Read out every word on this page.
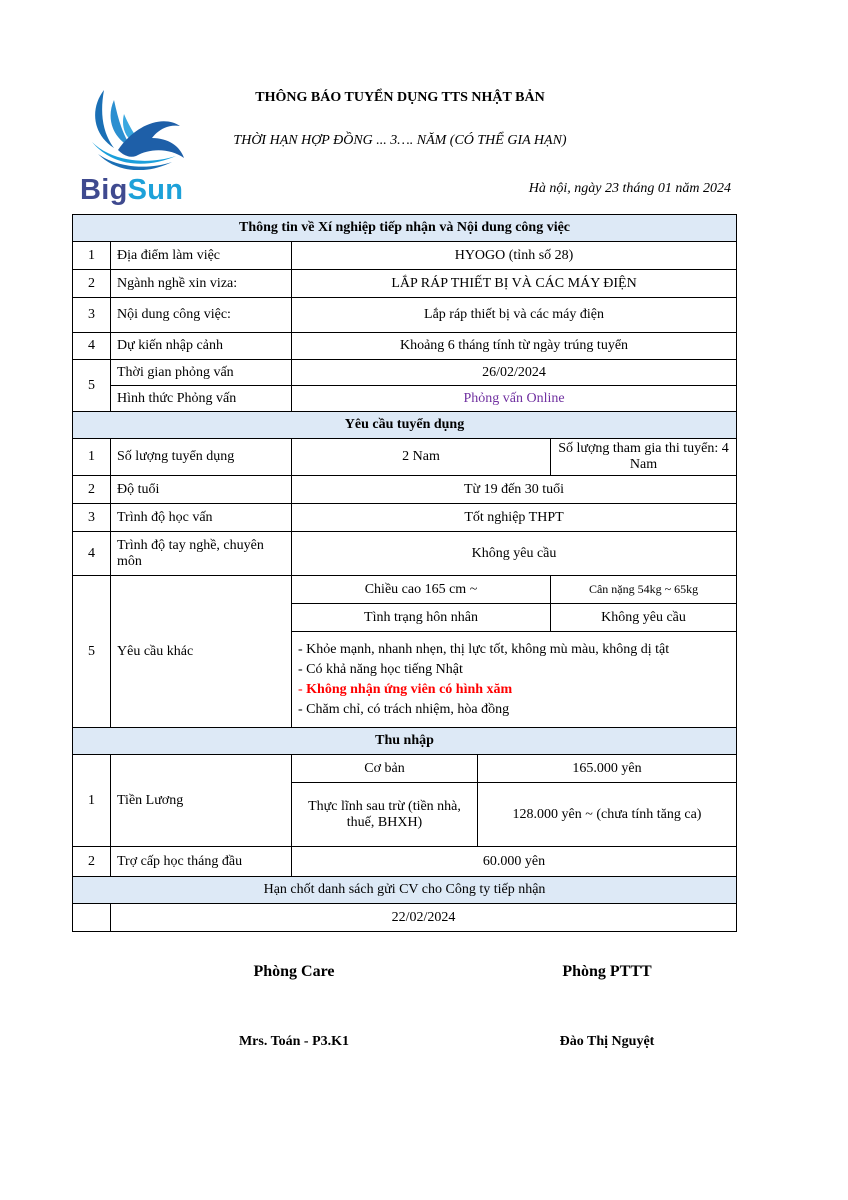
BigSun
THÔNG BÁO TUYỂN DỤNG TTS NHẬT BẢN
THỜI HẠN HỢP ĐỒNG ... 3…. NĂM (CÓ THỂ GIA HẠN)
Hà nội, ngày 23 tháng 01 năm 2024
Thông tin về Xí nghiệp tiếp nhận và Nội dung công việc				
1	Địa điểm làm việc	HYOGO (tỉnh số 28)		
2	Ngành nghề xin viza:	LẮP RÁP THIẾT BỊ VÀ CÁC MÁY ĐIỆN		
3	Nội dung công việc:	Lắp ráp thiết bị và các máy điện		
4	Dự kiến nhập cảnh	Khoảng 6 tháng tính từ ngày trúng tuyển		
5	Thời gian phỏng vấn	26/02/2024		
	Hình thức Phỏng vấn	Phỏng vấn Online		
Yêu cầu tuyển dụng				
1	Số lượng tuyển dụng	2 Nam		Số lượng tham gia thi tuyển: 4 Nam
2	Độ tuổi	Từ 19 đến 30 tuổi		
3	Trình độ học vấn	Tốt nghiệp THPT		
4	Trình độ tay nghề, chuyên môn	Không yêu cầu		
5	Yêu cầu khác	Chiều cao 165 cm ~		Cân nặng 54kg ~ 65kg
		Tình trạng hôn nhân		Không yêu cầu

		- Khỏe mạnh, nhanh nhẹn, thị lực tốt, không mù màu, không dị tật
- Có khả năng học tiếng Nhật
- Không nhận ứng viên có hình xăm
- Chăm chỉ, có trách nhiệm, hòa đồng		

Thu nhập				
1	Tiền Lương	Cơ bản	165.000 yên	
		Thực lĩnh sau trừ (tiền nhà, thuế, BHXH)	128.000 yên ~ (chưa tính tăng ca)	
2	Trợ cấp học tháng đầu	60.000 yên		
Hạn chốt danh sách gửi CV cho Công ty tiếp nhận				
	22/02/2024			
Phòng Care	Phòng PTTT
Mrs. Toán - P3.K1	Đào Thị Nguyệt
